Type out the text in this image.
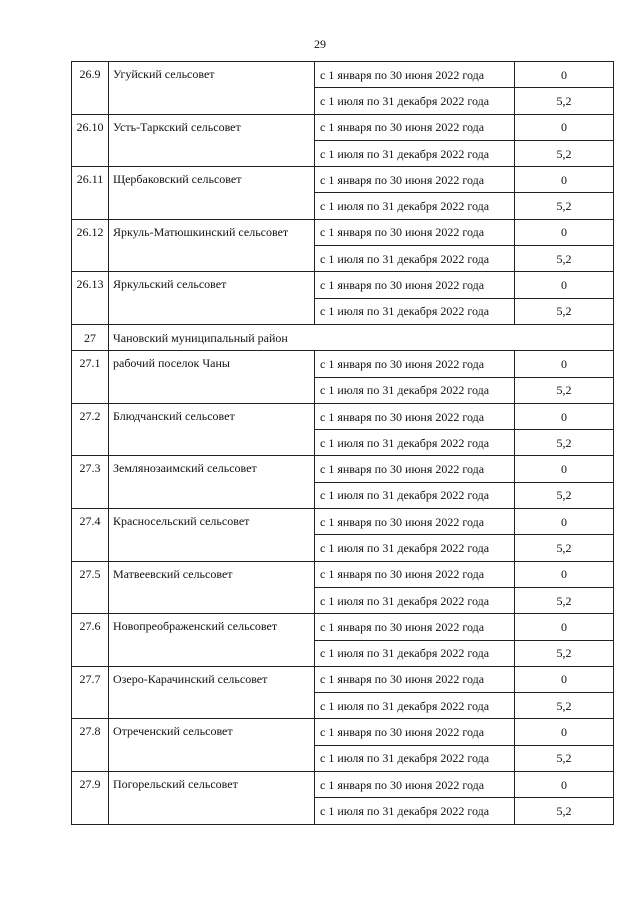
29
26.9	Угуйский сельсовет	с 1 января по 30 июня 2022 года	0
		с 1 июля по 31 декабря 2022 года	5,2
26.10	Усть-Таркский сельсовет	с 1 января по 30 июня 2022 года	0
		с 1 июля по 31 декабря 2022 года	5,2
26.11	Щербаковский сельсовет	с 1 января по 30 июня 2022 года	0
		с 1 июля по 31 декабря 2022 года	5,2
26.12	Яркуль-Матюшкинский сельсовет	с 1 января по 30 июня 2022 года	0
		с 1 июля по 31 декабря 2022 года	5,2
26.13	Яркульский сельсовет	с 1 января по 30 июня 2022 года	0
		с 1 июля по 31 декабря 2022 года	5,2
27	Чановский муниципальный район		
27.1	рабочий поселок Чаны	с 1 января по 30 июня 2022 года	0
		с 1 июля по 31 декабря 2022 года	5,2
27.2	Блюдчанский сельсовет	с 1 января по 30 июня 2022 года	0
		с 1 июля по 31 декабря 2022 года	5,2
27.3	Землянозаимский сельсовет	с 1 января по 30 июня 2022 года	0
		с 1 июля по 31 декабря 2022 года	5,2
27.4	Красносельский сельсовет	с 1 января по 30 июня 2022 года	0
		с 1 июля по 31 декабря 2022 года	5,2
27.5	Матвеевский сельсовет	с 1 января по 30 июня 2022 года	0
		с 1 июля по 31 декабря 2022 года	5,2
27.6	Новопреображенский сельсовет	с 1 января по 30 июня 2022 года	0
		с 1 июля по 31 декабря 2022 года	5,2
27.7	Озеро-Карачинский сельсовет	с 1 января по 30 июня 2022 года	0
		с 1 июля по 31 декабря 2022 года	5,2
27.8	Отреченский сельсовет	с 1 января по 30 июня 2022 года	0
		с 1 июля по 31 декабря 2022 года	5,2
27.9	Погорельский сельсовет	с 1 января по 30 июня 2022 года	0
		с 1 июля по 31 декабря 2022 года	5,2
